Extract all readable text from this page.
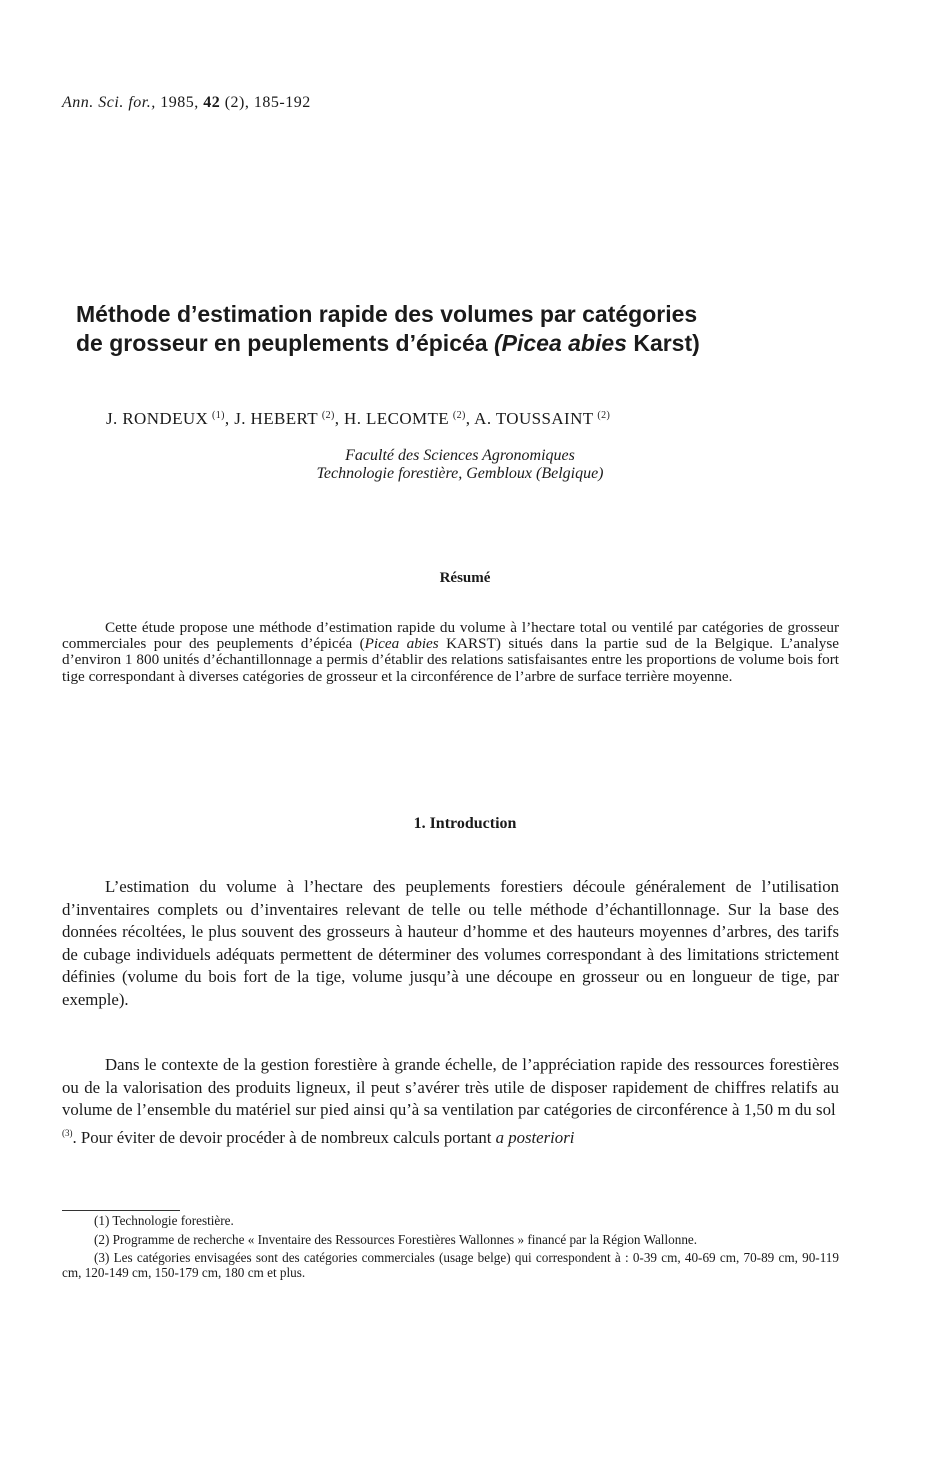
Ann. Sci. for., 1985, 42 (2), 185-192
Méthode d’estimation rapide des volumes par catégories
de grosseur en peuplements d’épicéa (Picea abies Karst)
J. RONDEUX  $^{(1)}$, J. HEBERT  $^{(2)}$, H. LECOMTE  $^{(2)}$, A. TOUSSAINT  $^{(2)}$
Faculté des Sciences Agronomiques
Technologie forestière, Gembloux (Belgique)
Résumé

Cette étude propose une méthode d’estimation rapide du volume à l’hectare total ou ventilé par catégories de grosseur commerciales pour des peuplements d’épicéa (Picea abies KARST) situés dans la partie sud de la Belgique. L’analyse d’environ 1 800 unités d’échantillonnage a permis d’établir des relations satisfaisantes entre les proportions de volume bois fort tige correspondant à diverses catégories de grosseur et la circonférence de l’arbre de surface terrière moyenne.

1. Introduction

L’estimation du volume à l’hectare des peuplements forestiers découle généralement de l’utilisation d’inventaires complets ou d’inventaires relevant de telle ou telle méthode d’échantillonnage. Sur la base des données récoltées, le plus souvent des grosseurs à hauteur d’homme et des hauteurs moyennes d’arbres, des tarifs de cubage individuels adéquats permettent de déterminer des volumes correspondant à des limitations strictement définies (volume du bois fort de la tige, volume jusqu’à une découpe en grosseur ou en longueur de tige, par exemple).

Dans le contexte de la gestion forestière à grande échelle, de l’appréciation rapide des ressources forestières ou de la valorisation des produits ligneux, il peut s’avérer très utile de disposer rapidement de chiffres relatifs au volume de l’ensemble du matériel sur pied ainsi qu’à sa ventilation par catégories de circonférence à 1,50 m du sol $^{(3)}$. Pour éviter de devoir procéder à de nombreux calculs portant a posteriori

(1) Technologie forestière.

(2) Programme de recherche « Inventaire des Ressources Forestières Wallonnes » financé par la Région Wallonne.

(3) Les catégories envisagées sont des catégories commerciales (usage belge) qui correspondent à : 0-39 cm, 40-69 cm, 70-89 cm, 90-119 cm, 120-149 cm, 150-179 cm, 180 cm et plus.
